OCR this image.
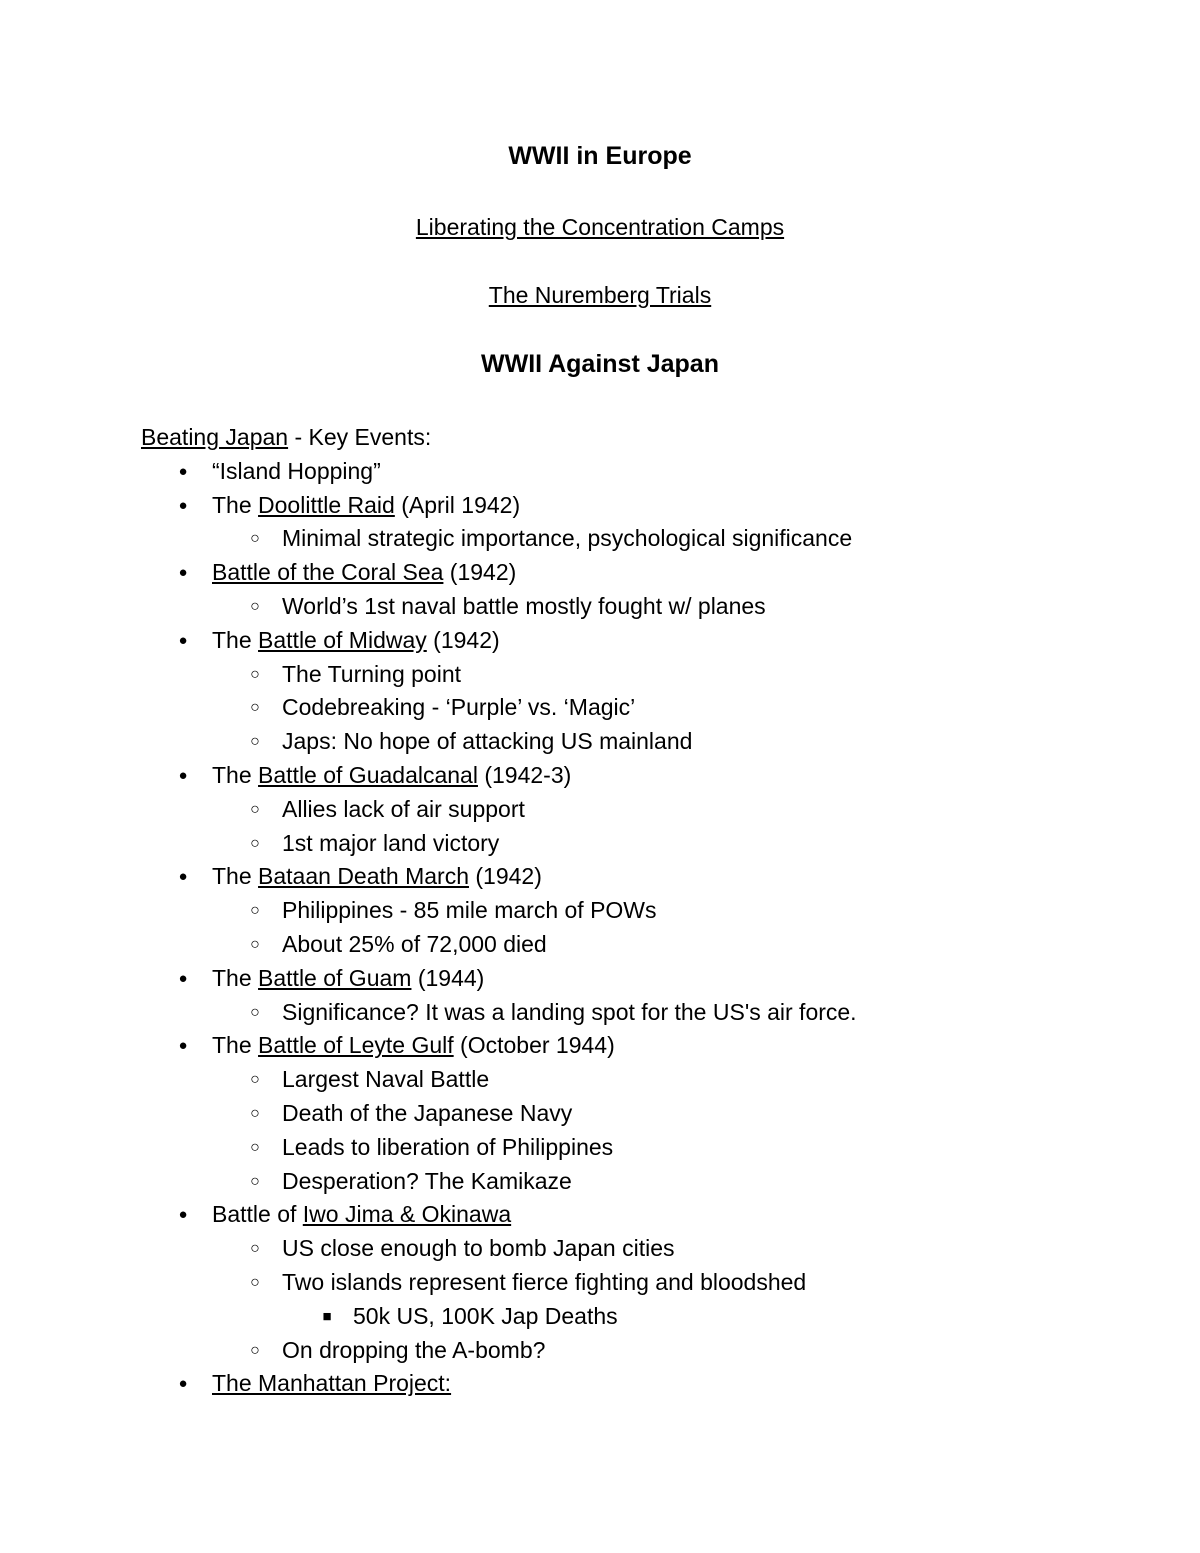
WWII in Europe
Liberating the Concentration Camps
The Nuremberg Trials
WWII Against Japan
Beating Japan - Key Events:
● “Island Hopping”
● The Doolittle Raid (April 1942)
○ Minimal strategic importance, psychological significance
● Battle of the Coral Sea (1942)
○ World’s 1st naval battle mostly fought w/ planes
● The Battle of Midway (1942)
○ The Turning point
○ Codebreaking - ‘Purple’ vs. ‘Magic’
○ Japs: No hope of attacking US mainland
● The Battle of Guadalcanal (1942-3)
○ Allies lack of air support
○ 1st major land victory
● The Bataan Death March (1942)
○ Philippines - 85 mile march of POWs
○ About 25% of 72,000 died
● The Battle of Guam (1944)
○ Significance? It was a landing spot for the US's air force.
● The Battle of Leyte Gulf (October 1944)
○ Largest Naval Battle
○ Death of the Japanese Navy
○ Leads to liberation of Philippines
○ Desperation? The Kamikaze
● Battle of Iwo Jima & Okinawa
○ US close enough to bomb Japan cities
○ Two islands represent fierce fighting and bloodshed
■ 50k US, 100K Jap Deaths
○ On dropping the A-bomb?
● The Manhattan Project:
